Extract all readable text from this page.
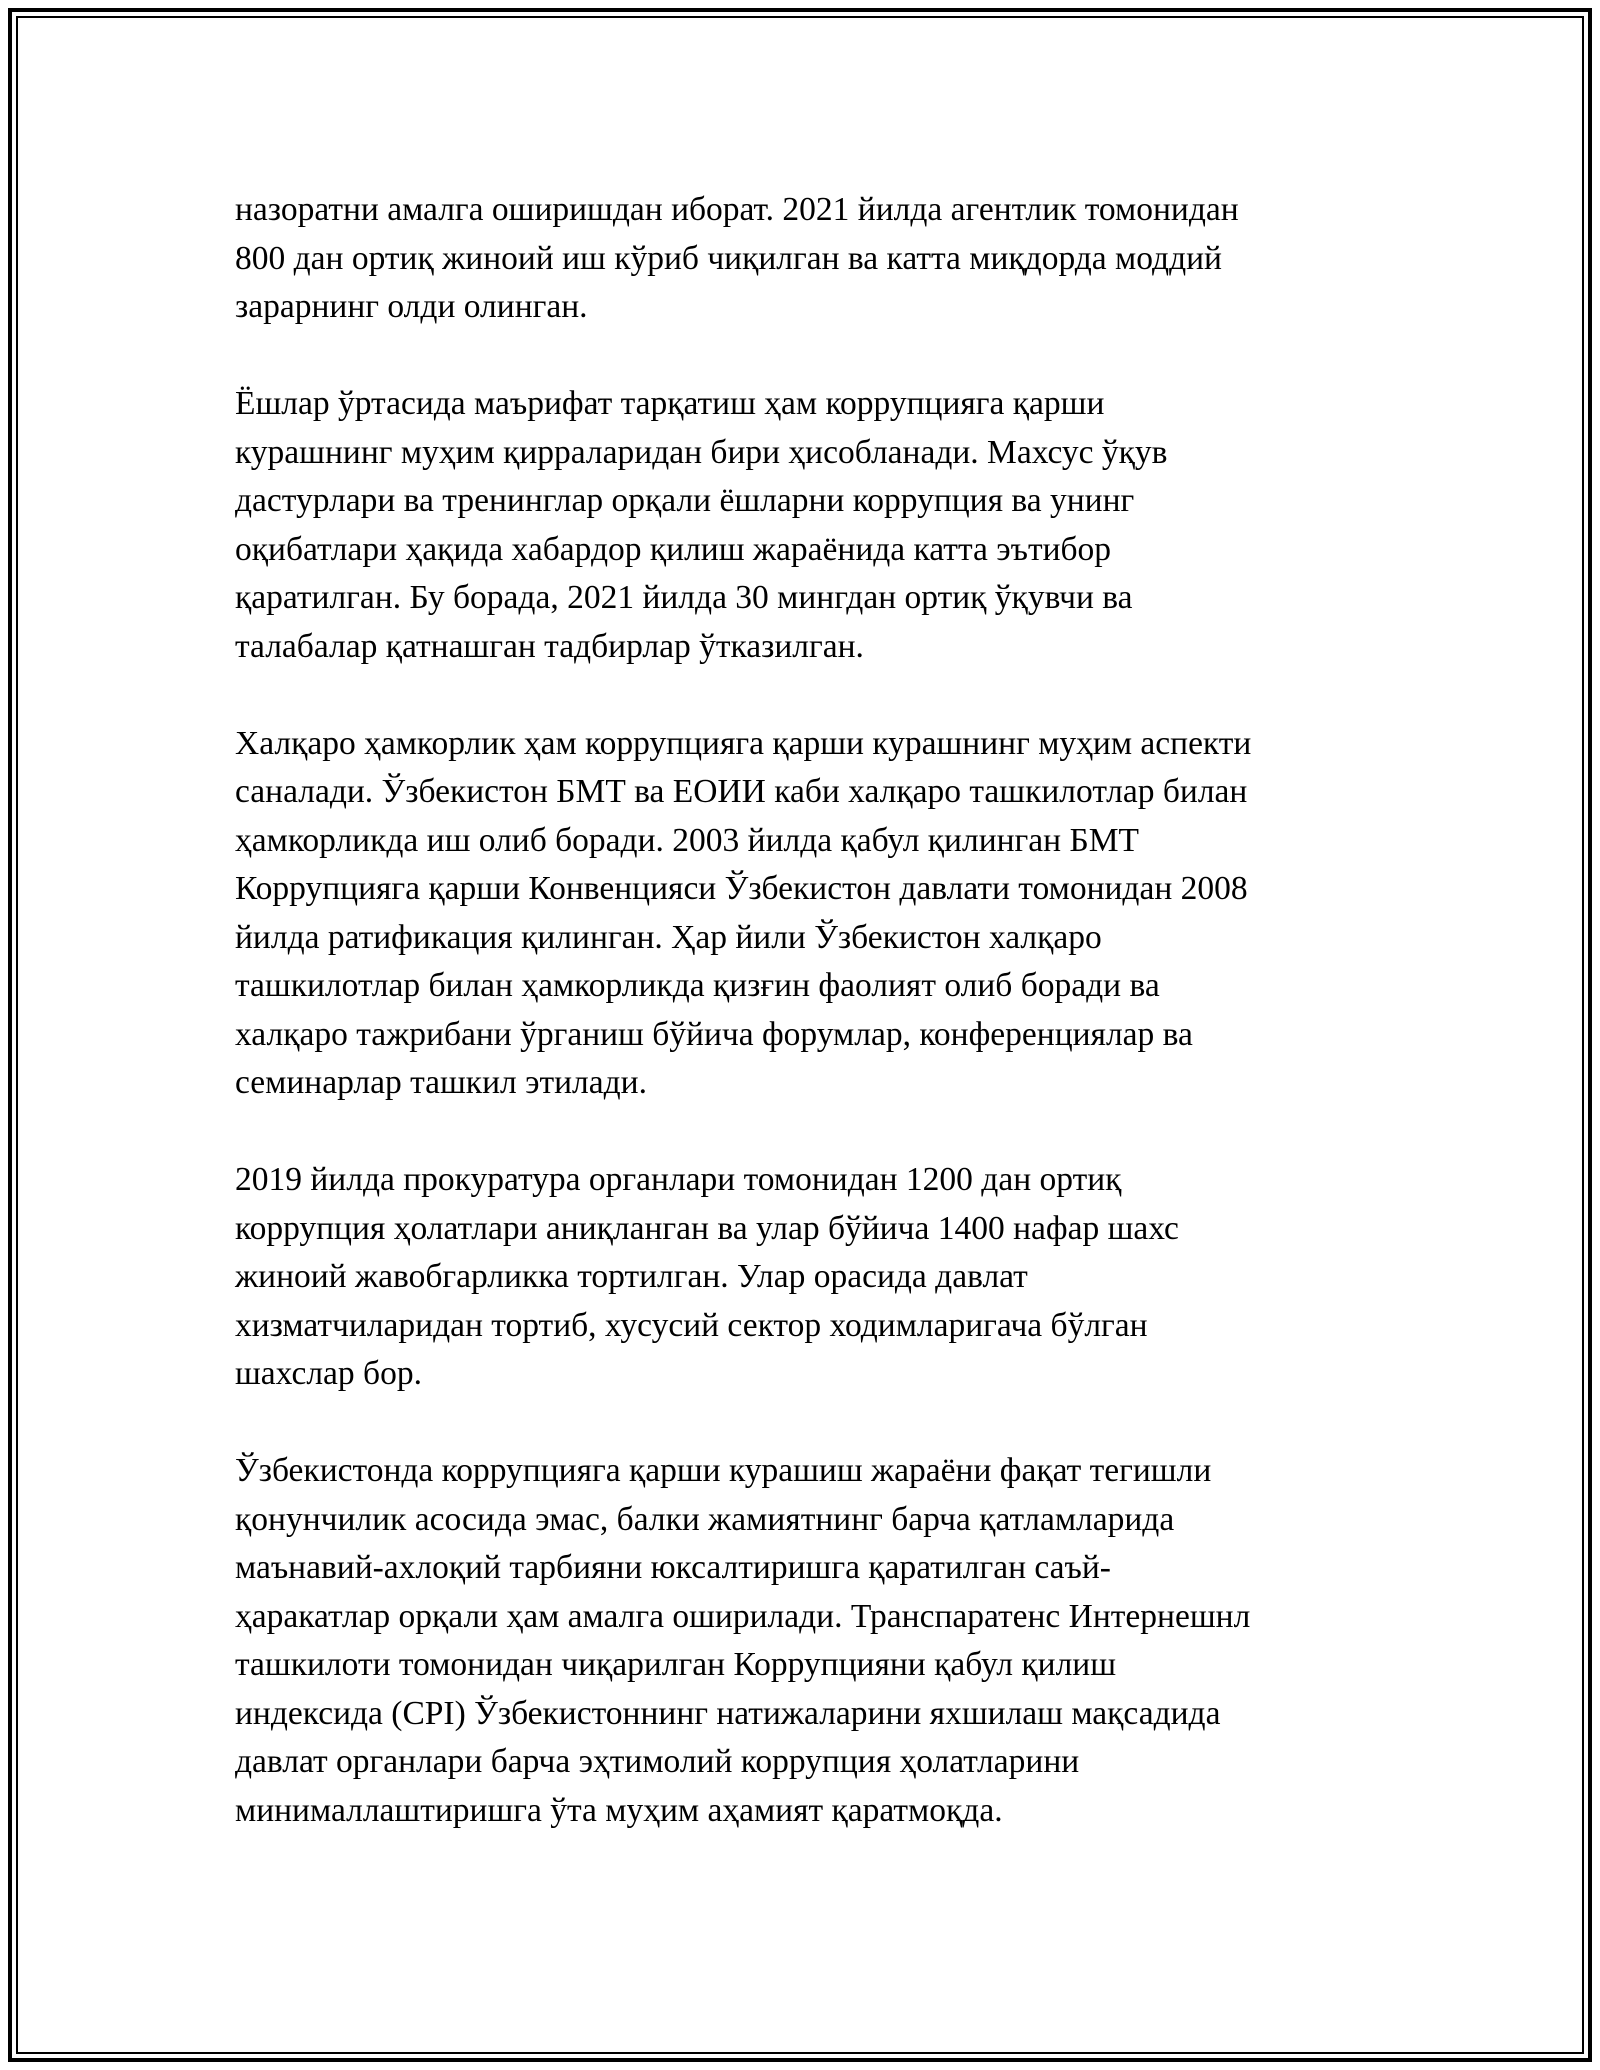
назоратни амалга оширишдан иборат. 2021 йилда агентлик томонидан
800 дан ортиқ жиноий иш кўриб чиқилган ва катта миқдорда моддий
зарарнинг олди олинган.

Ёшлар ўртасида маърифат тарқатиш ҳам коррупцияга қарши
курашнинг муҳим қирраларидан бири ҳисобланади. Махсус ўқув
дастурлари ва тренинглар орқали ёшларни коррупция ва унинг
оқибатлари ҳақида хабардор қилиш жараёнида катта эътибор
қаратилган. Бу борада, 2021 йилда 30 мингдан ортиқ ўқувчи ва
талабалар қатнашган тадбирлар ўтказилган.

Халқаро ҳамкорлик ҳам коррупцияга қарши курашнинг муҳим аспекти
саналади. Ўзбекистон БМТ ва ЕОИИ каби халқаро ташкилотлар билан
ҳамкорликда иш олиб боради. 2003 йилда қабул қилинган БМТ
Коррупцияга қарши Конвенцияси Ўзбекистон давлати томонидан 2008
йилда ратификация қилинган. Ҳар йили Ўзбекистон халқаро
ташкилотлар билан ҳамкорликда қизғин фаолият олиб боради ва
халқаро тажрибани ўрганиш бўйича форумлар, конференциялар ва
семинарлар ташкил этилади.

2019 йилда прокуратура органлари томонидан 1200 дан ортиқ
коррупция ҳолатлари аниқланган ва улар бўйича 1400 нафар шахс
жиноий жавобгарликка тортилган. Улар орасида давлат
хизматчиларидан тортиб, хусусий сектор ходимларигача бўлган
шахслар бор.

Ўзбекистонда коррупцияга қарши курашиш жараёни фақат тегишли
қонунчилик асосида эмас, балки жамиятнинг барча қатламларида
маънавий-ахлоқий тарбияни юксалтиришга қаратилган саъй-
ҳаракатлар орқали ҳам амалга оширилади. Транспаратенс Интернешнл
ташкилоти томонидан чиқарилган Коррупцияни қабул қилиш
индексида (CPI) Ўзбекистоннинг натижаларини яхшилаш мақсадида
давлат органлари барча эҳтимолий коррупция ҳолатларини
минималлаштиришга ўта муҳим аҳамият қаратмоқда.
